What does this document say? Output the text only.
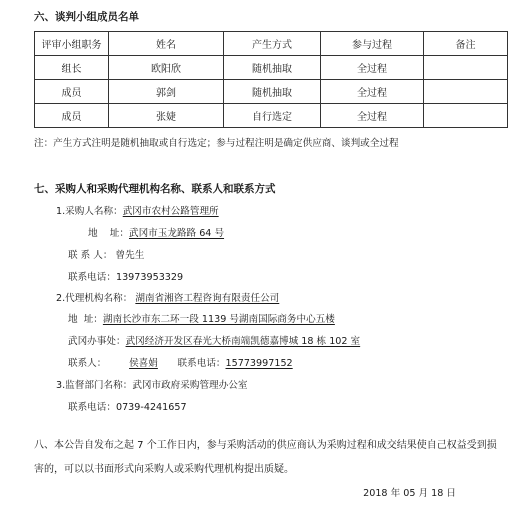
六、谈判小组成员名单
评审小组职务	姓名	产生方式	参与过程	备注
组长	欧阳欣	随机抽取	全过程	
成员	郭剑	随机抽取	全过程	
成员	张婕	自行选定	全过程	
注：产生方式注明是随机抽取或自行选定；参与过程注明是确定供应商、谈判或全过程
七、采购人和采购代理机构名称、联系人和联系方式
1.采购人名称：武冈市农村公路管理所
地    址：武冈市玉龙路路 64 号
联 系 人： 曾先生
联系电话：13973953329
2.代理机构名称： 湖南省湘咨工程咨询有限责任公司
地  址：湖南长沙市东二环一段 1139 号湖南国际商务中心五楼
武冈办事处：武冈经济开发区春光大桥南端凯德嘉博城 18 栋 102 室
联系人： 侯喜娟 联系电话：15773997152
3.监督部门名称：武冈市政府采购管理办公室
联系电话：0739-4241657
八、本公告自发布之起 7 个工作日内，参与采购活动的供应商认为采购过程和成交结果使自己权益受到损害的，可以以书面形式向采购人或采购代理机构提出质疑。
2018 年 05 月 18 日
